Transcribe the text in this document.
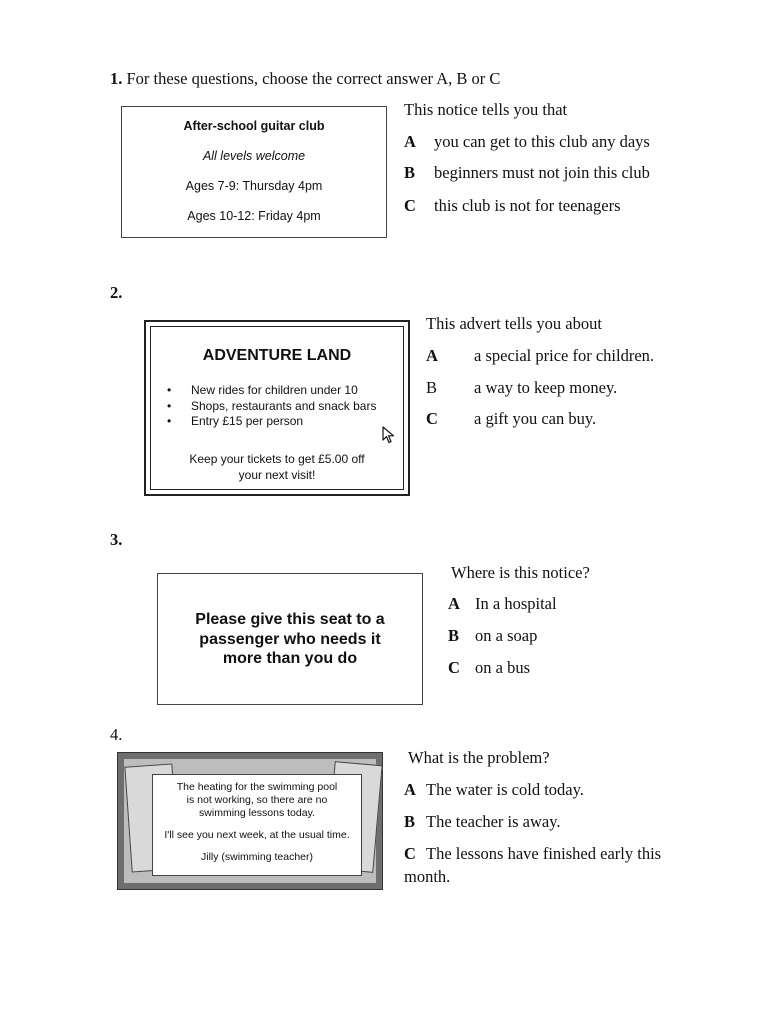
1. For these questions, choose the correct answer A, B or C
After-school guitar club
All levels welcome
Ages 7-9: Thursday 4pm
Ages 10-12: Friday 4pm
This notice tells you that
A you can get to this club any days
B beginners must not join this club
C this club is not for teenagers
2.
ADVENTURE LAND
• New rides for children under 10
• Shops, restaurants and snack bars
• Entry £15 per person
Keep your tickets to get £5.00 off
your next visit!
This advert tells you about
A a special price for children.
B a way to keep money.
C a gift you can buy.
3.
Please give this seat to a
passenger who needs it
more than you do
Where is this notice?
A In a hospital
B on a soap
C on a bus
4.
The heating for the swimming pool
is not working, so there are no
swimming lessons today.
I'll see you next week, at the usual time.
Jilly (swimming teacher)
What is the problem?
A The water is cold today.
B The teacher is away.
C The lessons have finished early this
month.
